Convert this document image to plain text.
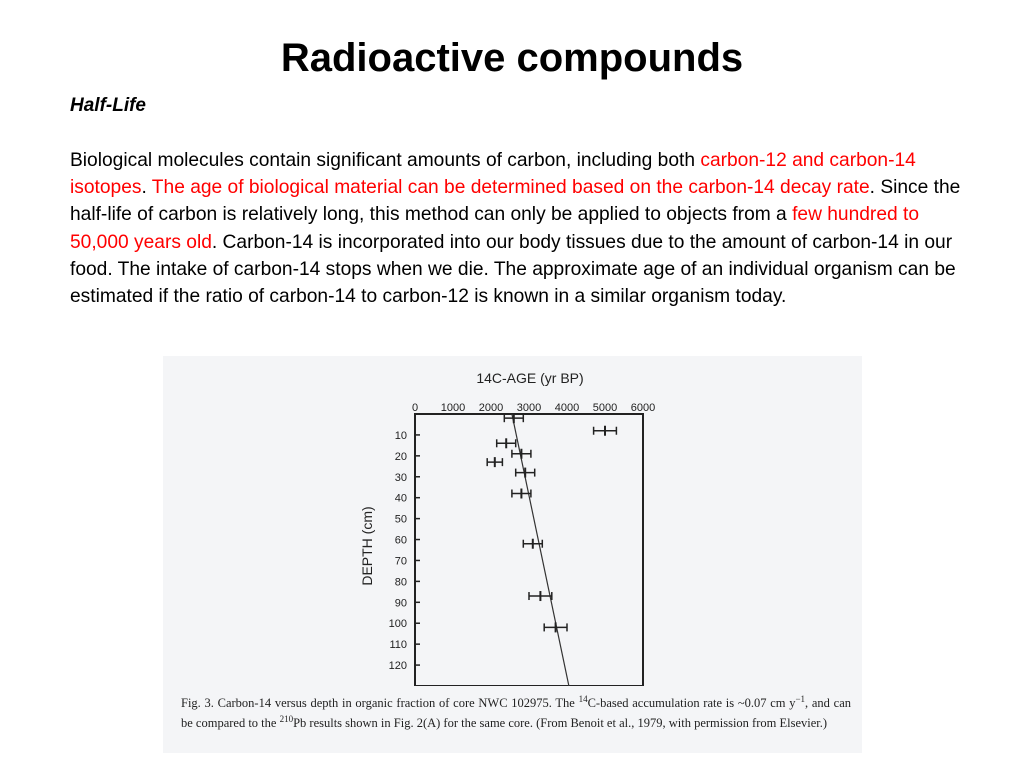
Radioactive compounds
Half-Life

Biological molecules contain significant amounts of carbon, including both carbon-12 and carbon-14 isotopes. The age of biological material can be determined based on the carbon-14 decay rate. Since the half-life of carbon is relatively long, this method can only be applied to objects from a few hundred to 50,000 years old. Carbon-14 is incorporated into our body tissues due to the amount of carbon-14 in our food. The intake of carbon-14 stops when we die. The approximate age of an individual organism can be estimated if the ratio of carbon-14 to carbon-12 is known in a similar organism today.

14C-AGE (yr BP)
0 1000 2000 3000 4000 5000 6000
10
20
30
40
50
60
70
80
90
100
110
120
DEPTH (cm)
Fig. 3. Carbon-14 versus depth in organic fraction of core NWC 102975. The $^{14}$C-based accumulation rate is ~0.07 cm $y^{-1}$, and can be compared to the $^{210}$Pb results shown in Fig. 2(A) for the same core. (From Benoit et al., 1979, with permission from Elsevier.)
